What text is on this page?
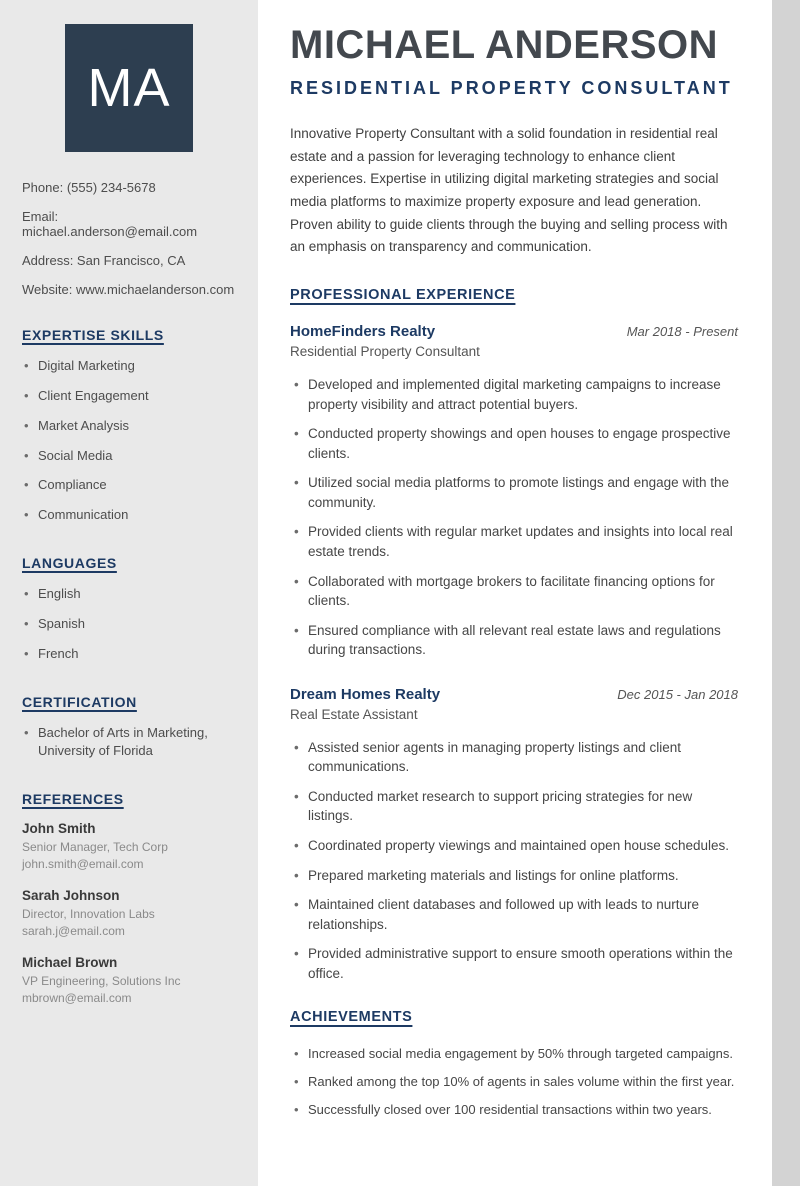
MA

Phone: (555) 234-5678

Email: michael.anderson@email.com

Address: San Francisco, CA

Website: www.michaelanderson.com

EXPERTISE SKILLS
• Digital Marketing
• Client Engagement
• Market Analysis
• Social Media
• Compliance
• Communication
LANGUAGES
• English
• Spanish
• French
CERTIFICATION
• Bachelor of Arts in Marketing, University of Florida
REFERENCES

John Smith

Senior Manager, Tech Corp

john.smith@email.com

Sarah Johnson

Director, Innovation Labs

sarah.j@email.com

Michael Brown

VP Engineering, Solutions Inc

mbrown@email.com

MICHAEL ANDERSON
RESIDENTIAL PROPERTY CONSULTANT

Innovative Property Consultant with a solid foundation in residential real estate and a passion for leveraging technology to enhance client experiences. Expertise in utilizing digital marketing strategies and social media platforms to maximize property exposure and lead generation. Proven ability to guide clients through the buying and selling process with an emphasis on transparency and communication.

PROFESSIONAL EXPERIENCE
HomeFinders Realty	Mar 2018 - Present
Residential Property Consultant
• Developed and implemented digital marketing campaigns to increase property visibility and attract potential buyers.
• Conducted property showings and open houses to engage prospective clients.
• Utilized social media platforms to promote listings and engage with the community.
• Provided clients with regular market updates and insights into local real estate trends.
• Collaborated with mortgage brokers to facilitate financing options for clients.
• Ensured compliance with all relevant real estate laws and regulations during transactions.
Dream Homes Realty	Dec 2015 - Jan 2018
Real Estate Assistant
• Assisted senior agents in managing property listings and client communications.
• Conducted market research to support pricing strategies for new listings.
• Coordinated property viewings and maintained open house schedules.
• Prepared marketing materials and listings for online platforms.
• Maintained client databases and followed up with leads to nurture relationships.
• Provided administrative support to ensure smooth operations within the office.
ACHIEVEMENTS
• Increased social media engagement by 50% through targeted campaigns.
• Ranked among the top 10% of agents in sales volume within the first year.
• Successfully closed over 100 residential transactions within two years.
